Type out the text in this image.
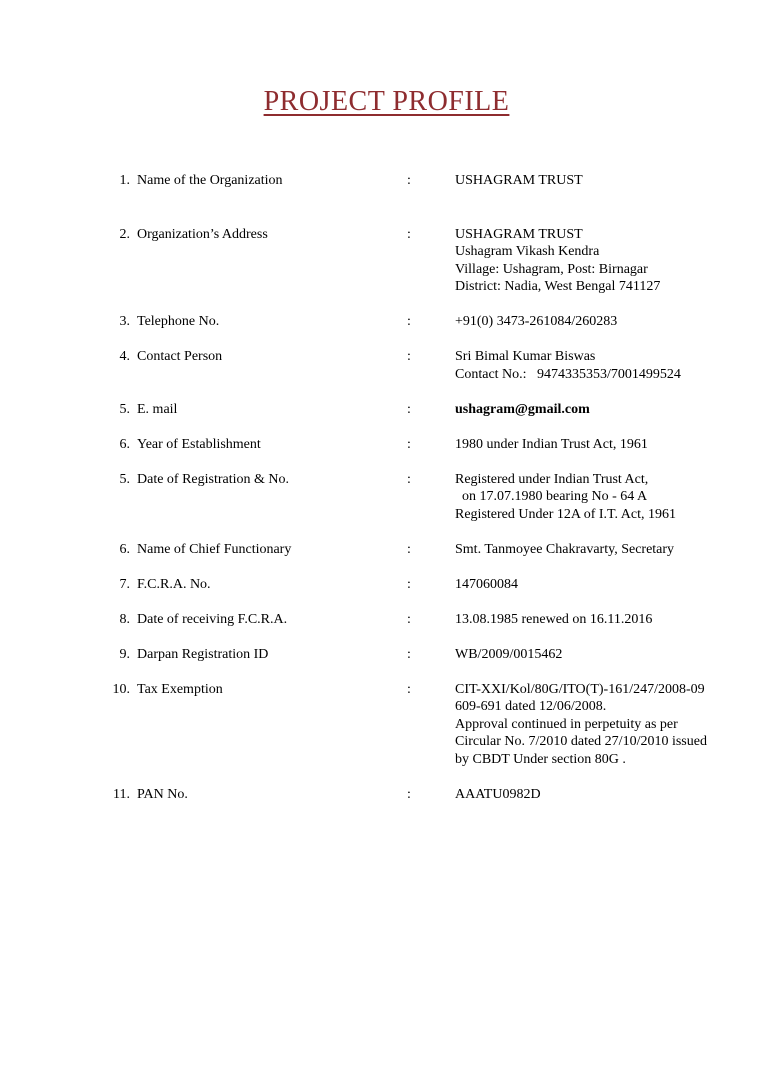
PROJECT PROFILE
1. Name of the Organization	:	USHAGRAM TRUST
2. Organization’s Address	:	USHAGRAM TRUST
Ushagram Vikash Kendra
Village: Ushagram, Post: Birnagar
District: Nadia, West Bengal 741127
3. Telephone No.	:	+91(0) 3473-261084/260283
4. Contact Person	:	Sri Bimal Kumar Biswas
Contact No.:   9474335353/7001499524
5. E. mail	:	ushagram@gmail.com
6. Year of Establishment	:	1980 under Indian Trust Act, 1961
5. Date of Registration & No.	:	Registered under Indian Trust Act,
on 17.07.1980 bearing No - 64 A
Registered Under 12A of I.T. Act, 1961
6. Name of Chief Functionary	:	Smt. Tanmoyee Chakravarty, Secretary
7. F.C.R.A. No.	:	147060084
8. Date of receiving F.C.R.A.	:	13.08.1985 renewed on 16.11.2016
9. Darpan Registration ID	:	WB/2009/0015462
10. Tax Exemption	:	CIT-XXI/Kol/80G/ITO(T)-161/247/2008-09
609-691 dated 12/06/2008.
Approval continued in perpetuity as per
Circular No. 7/2010 dated 27/10/2010 issued
by CBDT Under section 80G .
11. PAN No.	:	AAATU0982D
